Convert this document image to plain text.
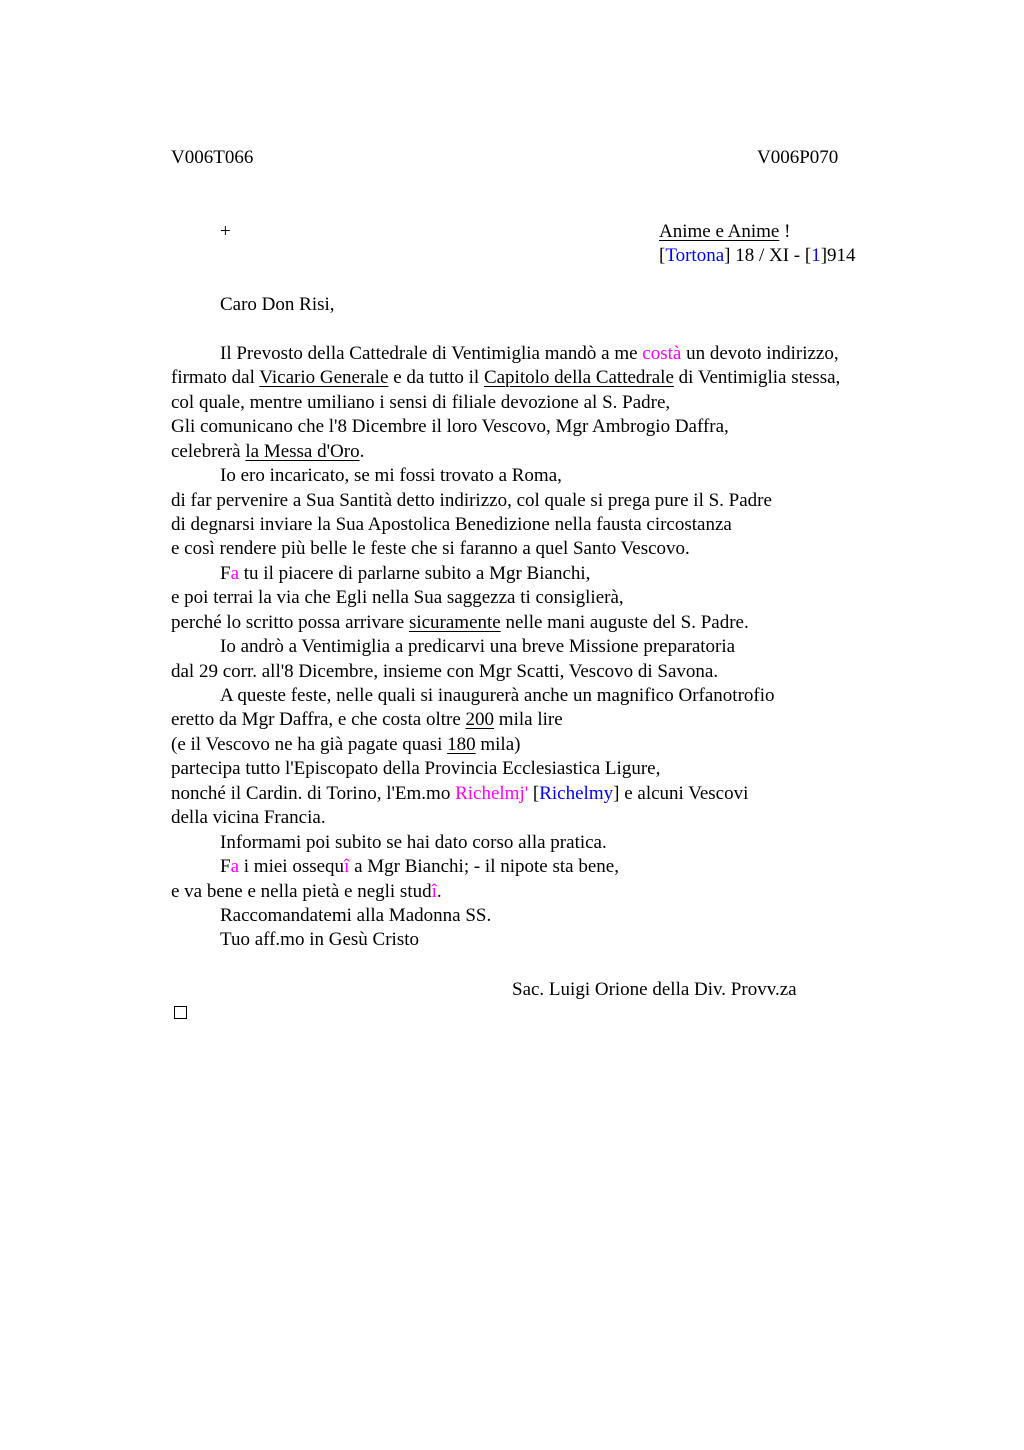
V006T066	V006P070
+	Anime e Anime !
[Tortona] 18 / XI - [1]914
Caro Don Risi,
Il Prevosto della Cattedrale di Ventimiglia mandò a me costà un devoto indirizzo,
firmato dal Vicario Generale e da tutto il Capitolo della Cattedrale di Ventimiglia stessa,
col quale, mentre umiliano i sensi di filiale devozione al S. Padre,
Gli comunicano che l'8 Dicembre il loro Vescovo, Mgr Ambrogio Daffra,
celebrerà la Messa d'Oro.
Io ero incaricato, se mi fossi trovato a Roma,
di far pervenire a Sua Santità detto indirizzo, col quale si prega pure il S. Padre
di degnarsi inviare la Sua Apostolica Benedizione nella fausta circostanza
e così rendere più belle le feste che si faranno a quel Santo Vescovo.
Fa tu il piacere di parlarne subito a Mgr Bianchi,
e poi terrai la via che Egli nella Sua saggezza ti consiglierà,
perché lo scritto possa arrivare sicuramente nelle mani auguste del S. Padre.
Io andrò a Ventimiglia a predicarvi una breve Missione preparatoria
dal 29 corr. all'8 Dicembre, insieme con Mgr Scatti, Vescovo di Savona.
A queste feste, nelle quali si inaugurerà anche un magnifico Orfanotrofio
eretto da Mgr Daffra, e che costa oltre 200 mila lire
(e il Vescovo ne ha già pagate quasi 180 mila)
partecipa tutto l'Episcopato della Provincia Ecclesiastica Ligure,
nonché il Cardin. di Torino, l'Em.mo Richelmj' [Richelmy] e alcuni Vescovi
della vicina Francia.
Informami poi subito se hai dato corso alla pratica.
Fa i miei ossequî a Mgr Bianchi; - il nipote sta bene,
e va bene e nella pietà e negli studî.
Raccomandatemi alla Madonna SS.
Tuo aff.mo in Gesù Cristo
Sac. Luigi Orione della Div. Provv.za
